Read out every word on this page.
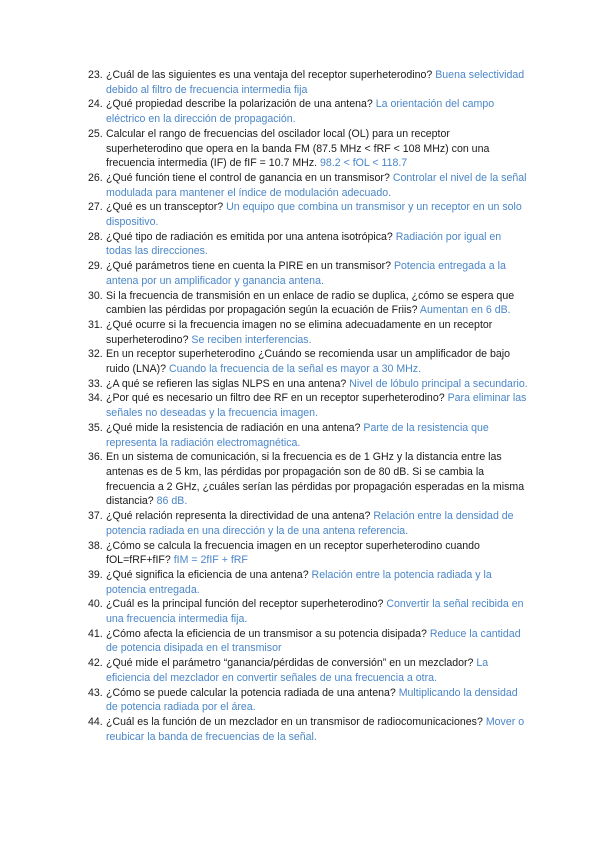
23. ¿Cuál de las siguientes es una ventaja del receptor superheterodino? Buena selectividad debido al filtro de frecuencia intermedia fija
24. ¿Qué propiedad describe la polarización de una antena? La orientación del campo eléctrico en la dirección de propagación.
25. Calcular el rango de frecuencias del oscilador local (OL) para un receptor superheterodino que opera en la banda FM (87.5 MHz < fRF < 108 MHz) con una frecuencia intermedia (IF) de fIF = 10.7 MHz. 98.2 < fOL < 118.7
26. ¿Qué función tiene el control de ganancia en un transmisor? Controlar el nivel de la señal modulada para mantener el índice de modulación adecuado.
27. ¿Qué es un transceptor? Un equipo que combina un transmisor y un receptor en un solo dispositivo.
28. ¿Qué tipo de radiación es emitida por una antena isotrópica? Radiación por igual en todas las direcciones.
29. ¿Qué parámetros tiene en cuenta la PIRE en un transmisor? Potencia entregada a la antena por un amplificador y ganancia antena.
30. Si la frecuencia de transmisión en un enlace de radio se duplica, ¿cómo se espera que cambien las pérdidas por propagación según la ecuación de Friis? Aumentan en 6 dB.
31. ¿Qué ocurre si la frecuencia imagen no se elimina adecuadamente en un receptor superheterodino? Se reciben interferencias.
32. En un receptor superheterodino ¿Cuándo se recomienda usar un amplificador de bajo ruido (LNA)? Cuando la frecuencia de la señal es mayor a 30 MHz.
33. ¿A qué se refieren las siglas NLPS en una antena? Nivel de lóbulo principal a secundario.
34. ¿Por qué es necesario un filtro dee RF en un receptor superheterodino? Para eliminar las señales no deseadas y la frecuencia imagen.
35. ¿Qué mide la resistencia de radiación en una antena? Parte de la resistencia que representa la radiación electromagnética.
36. En un sistema de comunicación, si la frecuencia es de 1 GHz y la distancia entre las antenas es de 5 km, las pérdidas por propagación son de 80 dB. Si se cambia la frecuencia a 2 GHz, ¿cuáles serían las pérdidas por propagación esperadas en la misma distancia? 86 dB.
37. ¿Qué relación representa la directividad de una antena? Relación entre la densidad de potencia radiada en una dirección y la de una antena referencia.
38. ¿Cómo se calcula la frecuencia imagen en un receptor superheterodino cuando fOL=fRF+fIF? fIM = 2fIF + fRF
39. ¿Qué significa la eficiencia de una antena? Relación entre la potencia radiada y la potencia entregada.
40. ¿Cuál es la principal función del receptor superheterodino? Convertir la señal recibida en una frecuencia intermedia fija.
41. ¿Cómo afecta la eficiencia de un transmisor a su potencia disipada? Reduce la cantidad de potencia disipada en el transmisor
42. ¿Qué mide el parámetro “ganancia/pérdidas de conversión” en un mezclador? La eficiencia del mezclador en convertir señales de una frecuencia a otra.
43. ¿Cómo se puede calcular la potencia radiada de una antena? Multiplicando la densidad de potencia radiada por el área.
44. ¿Cuál es la función de un mezclador en un transmisor de radiocomunicaciones? Mover o reubicar la banda de frecuencias de la señal.
